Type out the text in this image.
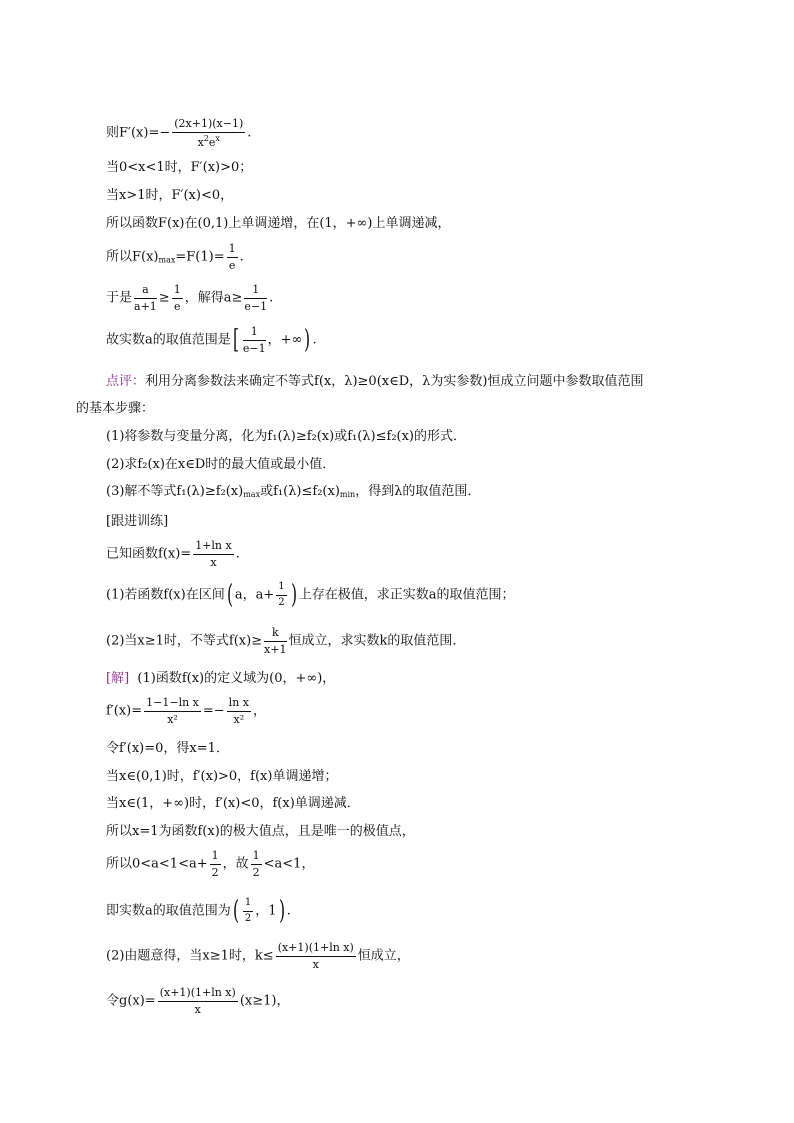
则$F'(x)=- \frac{(2x+1)(x-1)}{x^2e^x}$ .
当0<x<1时，F′(x)>0；
当x>1时，F′(x)<0，
所以函数F(x)在(0,1)上单调递增，在(1，+∞)上单调递减，
所以$F(x)_{max}=F(1)= \frac{1}{e}$ .
于是 $\frac{a}{a+1} \ge \frac{1}{e}$ ，解得$a\ge \frac{1}{e-1}$ .
故实数a的取值范围是[ $\frac{1}{e-1}$ ，+∞) .
点评：利用分离参数法来确定不等式f(x，λ)≥0(x∈D，λ为实参数)恒成立问题中参数取值范围
的基本步骤：
(1)将参数与变量分离，化为f₁(λ)≥f₂(x)或f₁(λ)≤f₂(x)的形式．
(2)求f₂(x)在x∈D时的最大值或最小值．
(3)解不等式$f_1(\lambda)\ge f_2(x)_{max}$或$f_1(\lambda)\le f_2(x)_{min}$，得到λ的取值范围．
[跟进训练]
已知函数$f(x)= \frac{\text{1+ln x}}{x}$ .
(1)若函数f(x)在区间( a，$a+ \frac{1}{2}$ ) 上存在极值，求正实数a的取值范围；
(2)当x≥1时，不等式$f(x)\ge \frac{k}{x+1}$ 恒成立，求实数k的取值范围．
[解] (1)函数f(x)的定义域为(0，+∞)，
$f'(x)= \frac{\text{1−1−ln x}}{\text{x²}} =- \frac{\text{ln x}}{\text{x²}}$ ，
令f′(x)=0，得x=1．
当x∈(0,1)时，f′(x)>0，f(x)单调递增；
当x∈(1，+∞)时，f′(x)<0，f(x)单调递减．
所以x=1为函数f(x)的极大值点，且是唯一的极值点，
所以$0<a<1<a+ \frac{1}{2}$ ，故 $\frac{1}{2} <a<1$，
即实数a的取值范围为( $\frac{1}{2}$ ，1) .
(2)由题意得，当x≥1时，$k\le \frac{\text{(x+1)(1+ln x)}}{x}$ 恒成立，
令$g(x)= \frac{\text{(x+1)(1+ln x)}}{x} (x\ge 1)$，
